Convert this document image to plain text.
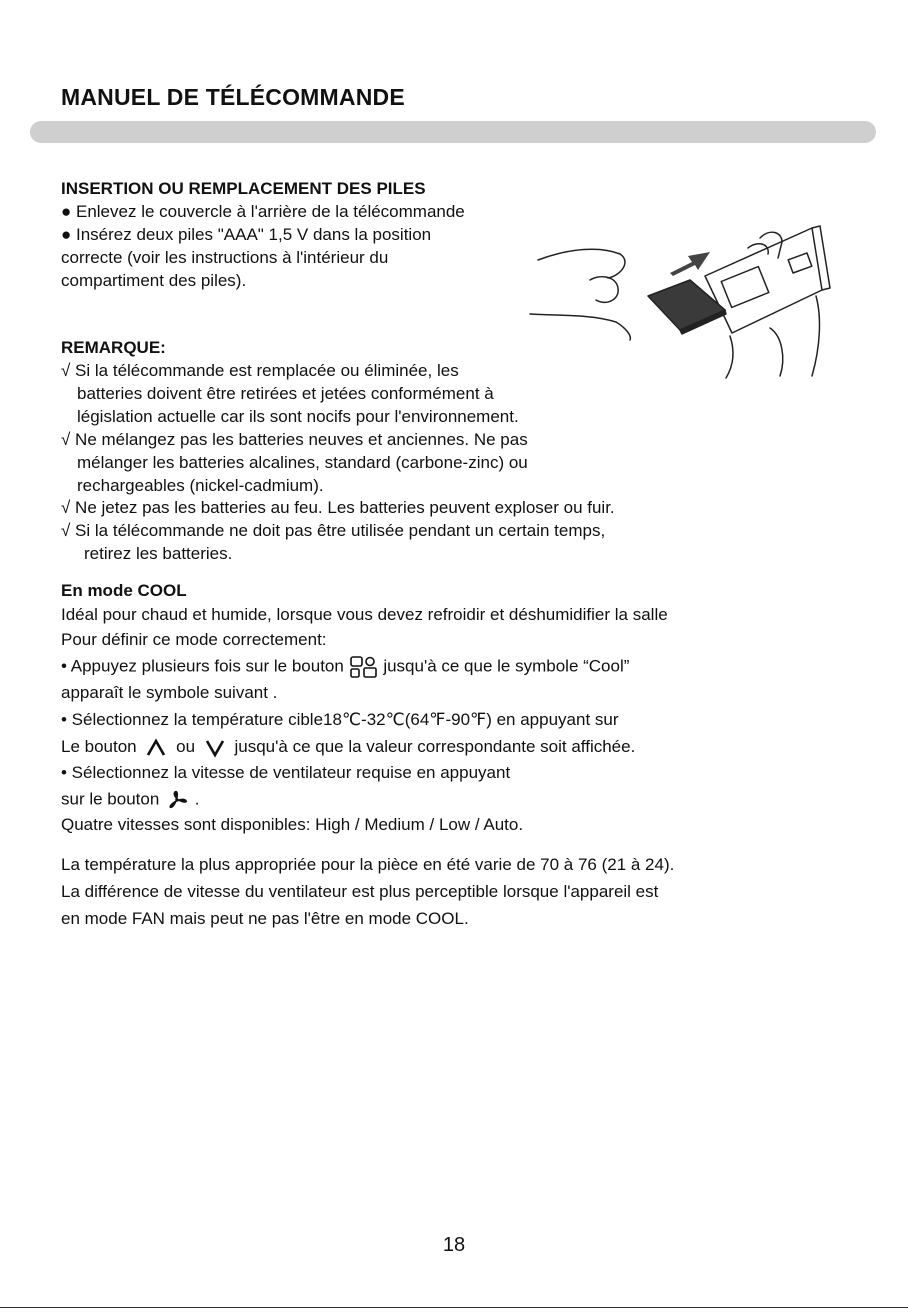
MANUEL DE TÉLÉCOMMANDE
INSERTION OU REMPLACEMENT DES PILES
● Enlevez le couvercle à l'arrière de la télécommande
● Insérez deux piles "AAA" 1,5 V dans la position
correcte (voir les instructions à l'intérieur du
compartiment des piles).
REMARQUE:
√ Si la télécommande est remplacée ou éliminée, les
batteries doivent être retirées et jetées conformément à
législation actuelle car ils sont nocifs pour l'environnement.
√ Ne mélangez pas les batteries neuves et anciennes. Ne pas
mélanger les batteries alcalines, standard (carbone-zinc) ou
rechargeables (nickel-cadmium).
√ Ne jetez pas les batteries au feu. Les batteries peuvent exploser ou fuir.
√ Si la télécommande ne doit pas être utilisée pendant un certain temps,
retirez les batteries.
En mode COOL
Idéal pour chaud et humide, lorsque vous devez refroidir et déshumidifier la salle
Pour définir ce mode correctement:
• Appuyez plusieurs fois sur le bouton jusqu'à ce que le symbole “Cool”
apparaît le symbole suivant .
• Sélectionnez la température cible18℃-32℃(64℉-90℉) en appuyant sur
Le bouton ou jusqu'à ce que la valeur correspondante soit affichée.
• Sélectionnez la vitesse de ventilateur requise en appuyant
sur le bouton .
Quatre vitesses sont disponibles: High / Medium / Low / Auto.
La température la plus appropriée pour la pièce en été varie de 70 à 76 (21 à 24).
La différence de vitesse du ventilateur est plus perceptible lorsque l'appareil est
en mode FAN mais peut ne pas l'être en mode COOL.
18
